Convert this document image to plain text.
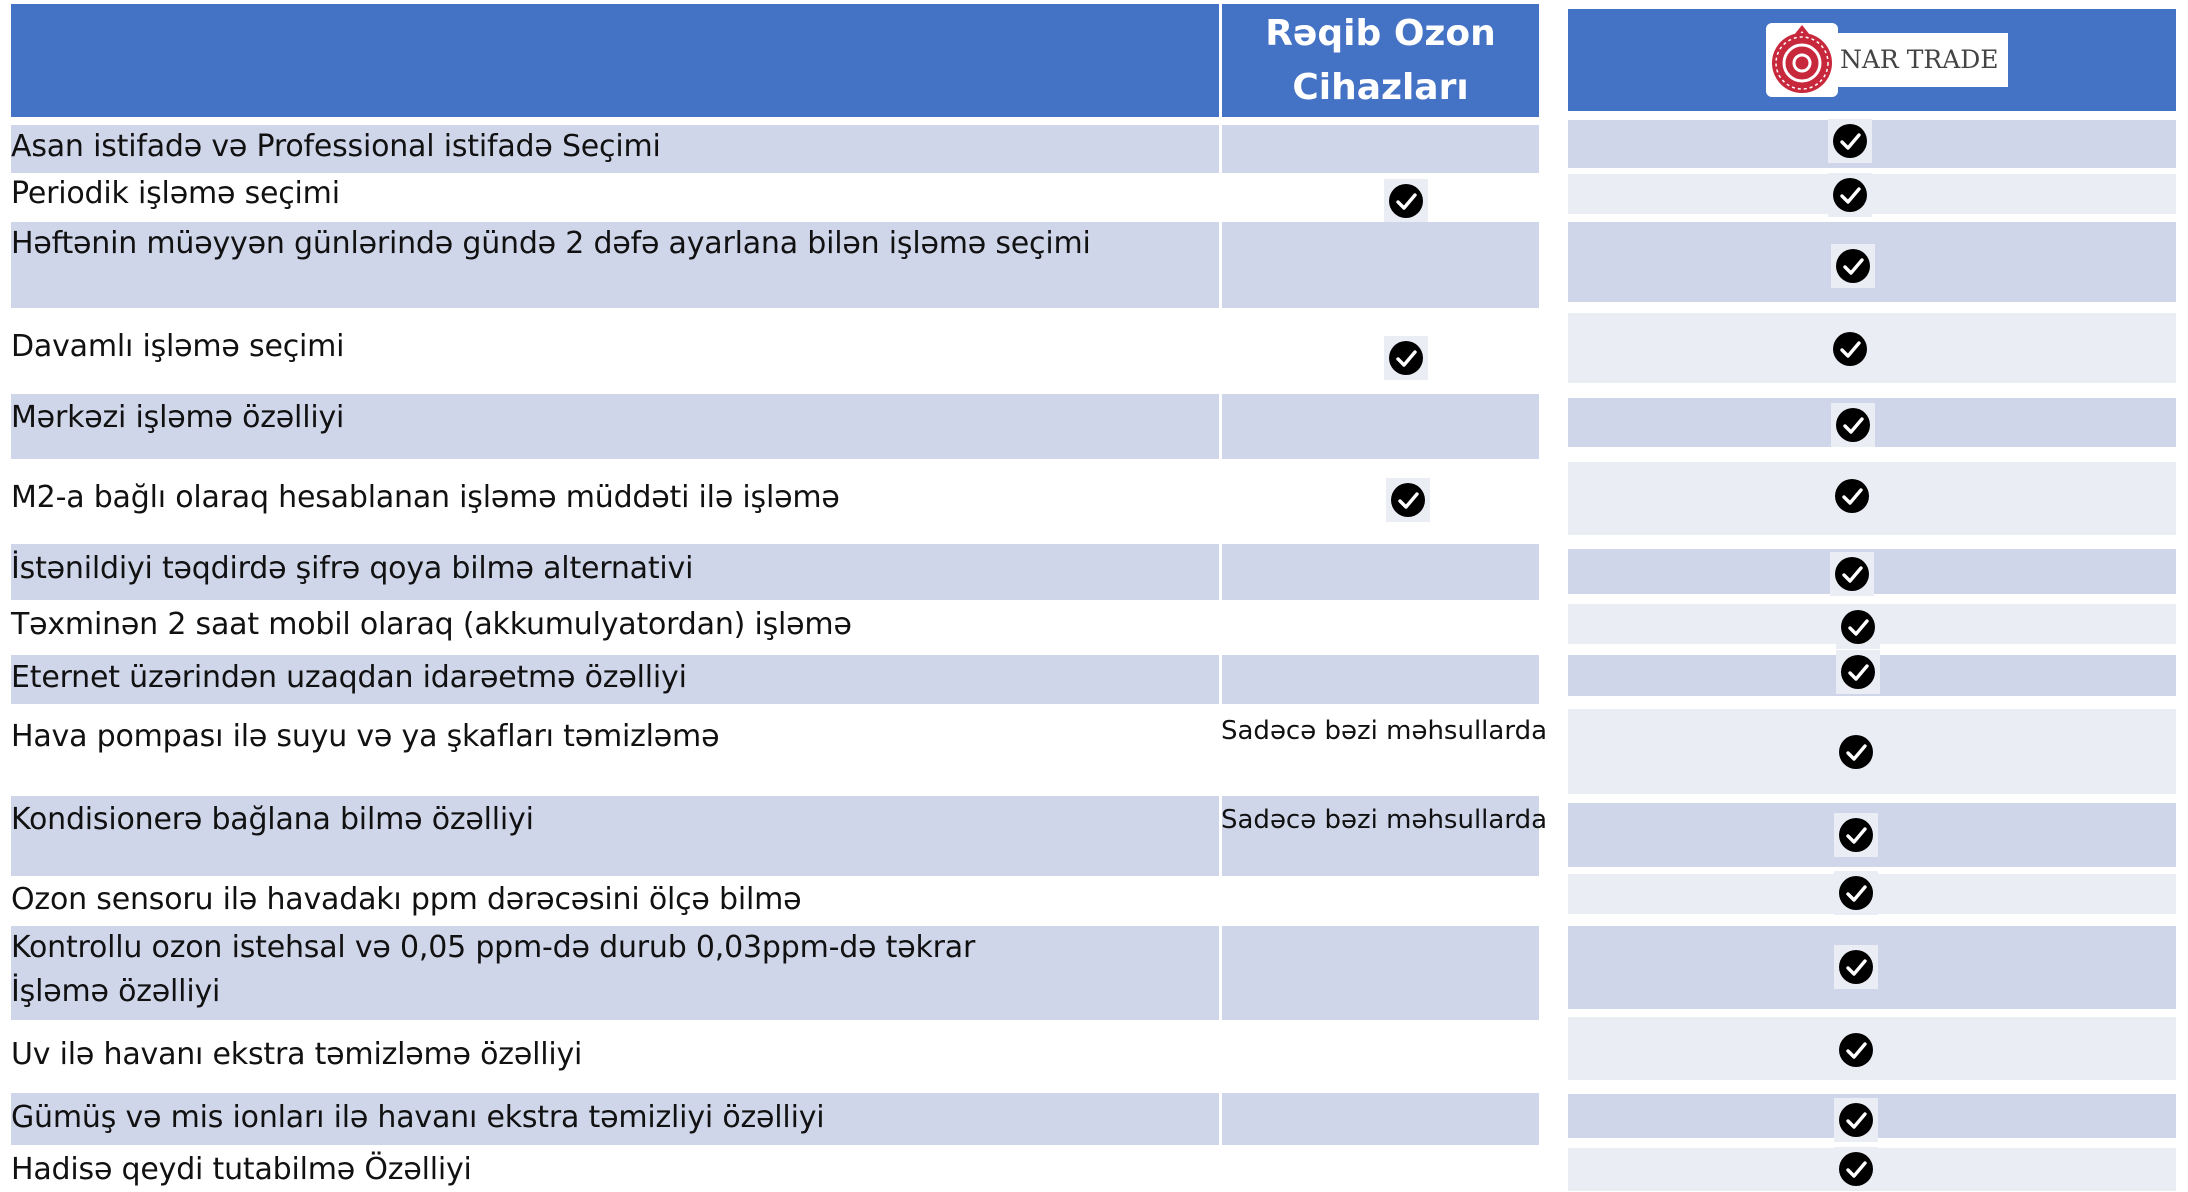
Rəqib Ozon
Cihazları
NAR TRADE
Asan istifadə və Professional istifadə Seçimi
Periodik işləmə seçimi
Həftənin müəyyən günlərində gündə 2 dəfə ayarlana bilən işləmə seçimi
Davamlı işləmə seçimi
Mərkəzi işləmə özəlliyi
M2-a bağlı olaraq hesablanan işləmə müddəti ilə işləmə
İstənildiyi təqdirdə şifrə qoya bilmə alternativi
Təxminən 2 saat mobil olaraq (akkumulyatordan) işləmə
Eternet üzərindən uzaqdan idarəetmə özəlliyi
Hava pompası ilə suyu və ya şkafları təmizləmə	Sadəcə bəzi məhsullarda
Kondisionerə bağlana bilmə özəlliyi	Sadəcə bəzi məhsullarda
Ozon sensoru ilə havadakı ppm dərəcəsini ölçə bilmə
Kontrollu ozon istehsal və 0,05 ppm-də durub 0,03ppm-də təkrar
İşləmə özəlliyi
Uv ilə havanı ekstra təmizləmə özəlliyi
Gümüş və mis ionları ilə havanı ekstra təmizliyi özəlliyi
Hadisə qeydi tutabilmə Özəlliyi
